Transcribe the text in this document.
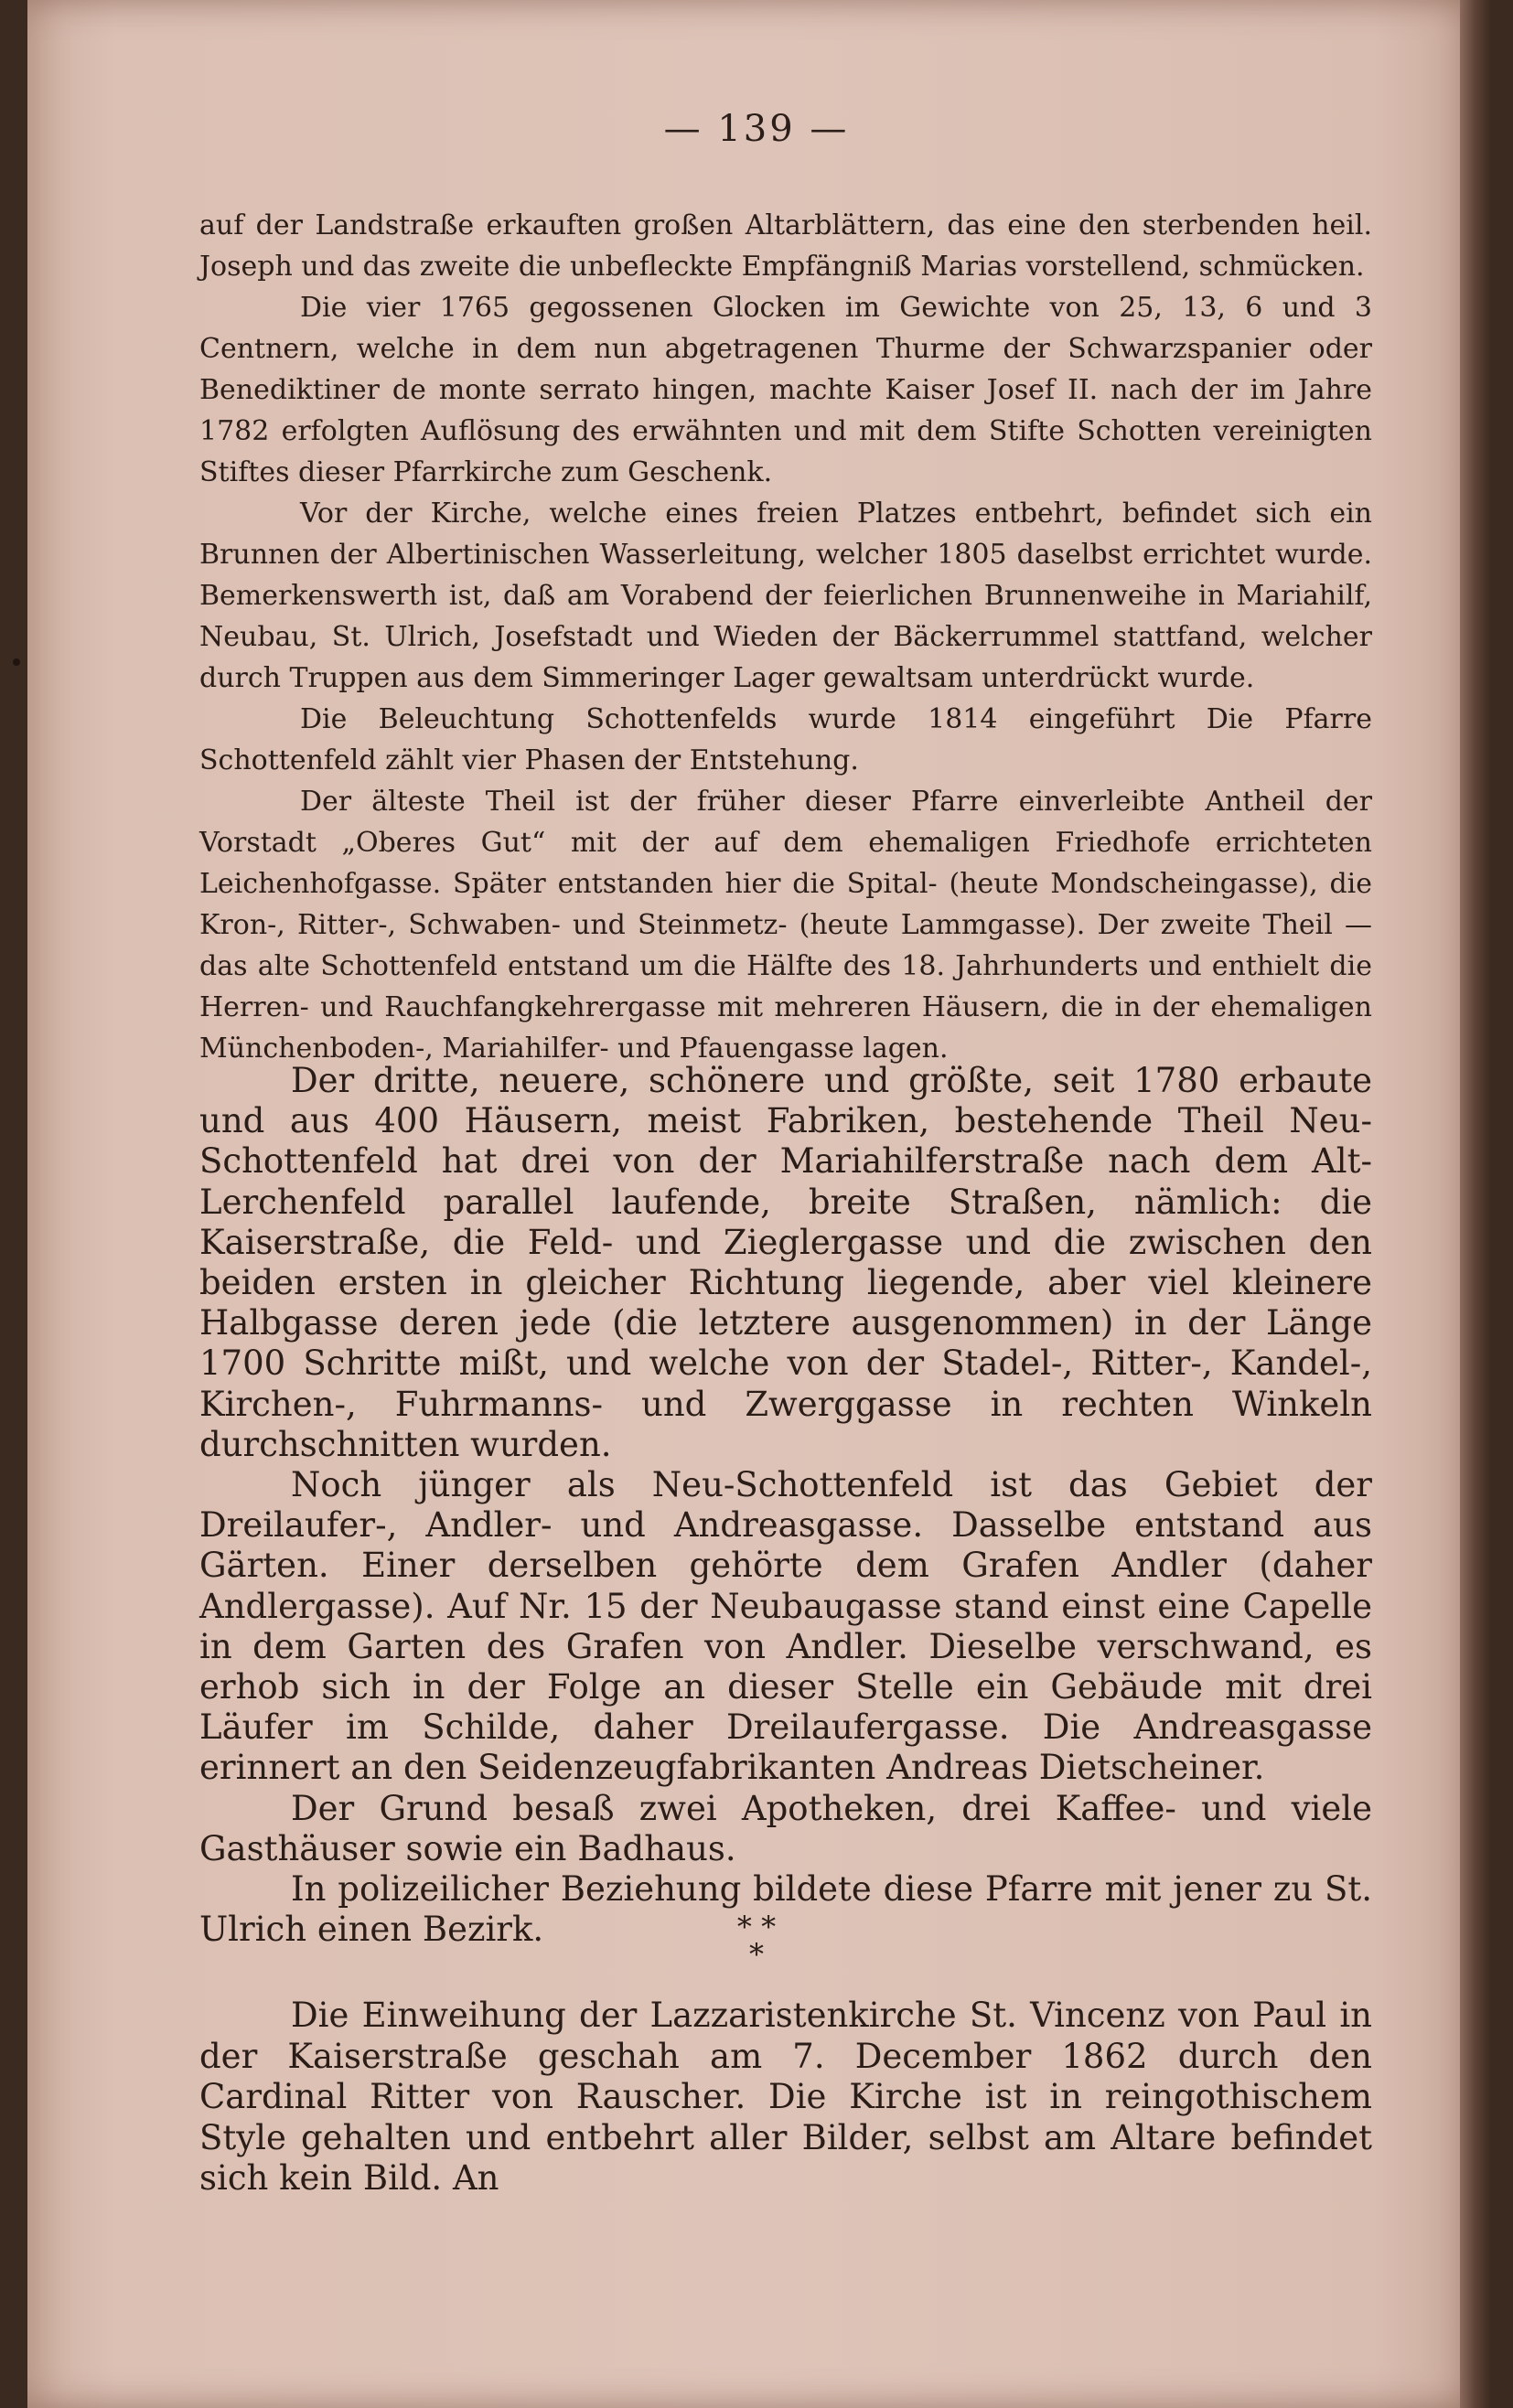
— 139 —

auf der Landstraße erkauften großen Altarblättern, das eine den sterbenden heil. Joseph und das zweite die unbefleckte Empfängniß Marias vorstellend, schmücken.

Die vier 1765 gegossenen Glocken im Gewichte von 25, 13, 6 und 3 Centnern, welche in dem nun abgetragenen Thurme der Schwarzspanier oder Benediktiner de monte serrato hingen, machte Kaiser Josef II. nach der im Jahre 1782 erfolgten Auflösung des erwähnten und mit dem Stifte Schotten vereinigten Stiftes dieser Pfarrkirche zum Geschenk.

Vor der Kirche, welche eines freien Platzes entbehrt, befindet sich ein Brunnen der Albertinischen Wasserleitung, welcher 1805 daselbst errichtet wurde. Bemerkenswerth ist, daß am Vorabend der feierlichen Brunnenweihe in Mariahilf, Neubau, St. Ulrich, Josefstadt und Wieden der Bäckerrummel stattfand, welcher durch Truppen aus dem Simmeringer Lager gewaltsam unterdrückt wurde.

Die Beleuchtung Schottenfelds wurde 1814 eingeführt Die Pfarre Schottenfeld zählt vier Phasen der Entstehung.

Der älteste Theil ist der früher dieser Pfarre einverleibte Antheil der Vorstadt „Oberes Gut“ mit der auf dem ehemaligen Friedhofe errichteten Leichenhofgasse. Später entstanden hier die Spital- (heute Mondscheingasse), die Kron-, Ritter-, Schwaben- und Steinmetz- (heute Lammgasse). Der zweite Theil — das alte Schottenfeld entstand um die Hälfte des 18. Jahrhunderts und enthielt die Herren- und Rauchfangkehrergasse mit mehreren Häusern, die in der ehemaligen Münchenboden-, Mariahilfer- und Pfauengasse lagen.

Der dritte, neuere, schönere und größte, seit 1780 erbaute und aus 400 Häusern, meist Fabriken, bestehende Theil Neu-Schottenfeld hat drei von der Mariahilferstraße nach dem Alt-Lerchenfeld parallel laufende, breite Straßen, nämlich: die Kaiserstraße, die Feld- und Zieglergasse und die zwischen den beiden ersten in gleicher Richtung liegende, aber viel kleinere Halbgasse deren jede (die letztere ausgenommen) in der Länge 1700 Schritte mißt, und welche von der Stadel-, Ritter-, Kandel-, Kirchen-, Fuhrmanns- und Zwerggasse in rechten Winkeln durchschnitten wurden.

Noch jünger als Neu-Schottenfeld ist das Gebiet der Dreilaufer-, Andler- und Andreasgasse. Dasselbe entstand aus Gärten. Einer derselben gehörte dem Grafen Andler (daher Andlergasse). Auf Nr. 15 der Neubaugasse stand einst eine Capelle in dem Garten des Grafen von Andler. Dieselbe verschwand, es erhob sich in der Folge an dieser Stelle ein Gebäude mit drei Läufer im Schilde, daher Dreilaufergasse. Die Andreasgasse erinnert an den Seidenzeugfabrikanten Andreas Dietscheiner.

Der Grund besaß zwei Apotheken, drei Kaffee- und viele Gasthäuser sowie ein Badhaus.

In polizeilicher Beziehung bildete diese Pfarre mit jener zu St. Ulrich einen Bezirk.	* *
*

Die Einweihung der Lazzaristenkirche St. Vincenz von Paul in der Kaiserstraße geschah am 7. December 1862 durch den Cardinal Ritter von Rauscher. Die Kirche ist in reingothischem Style gehalten und entbehrt aller Bilder, selbst am Altare befindet sich kein Bild. An
